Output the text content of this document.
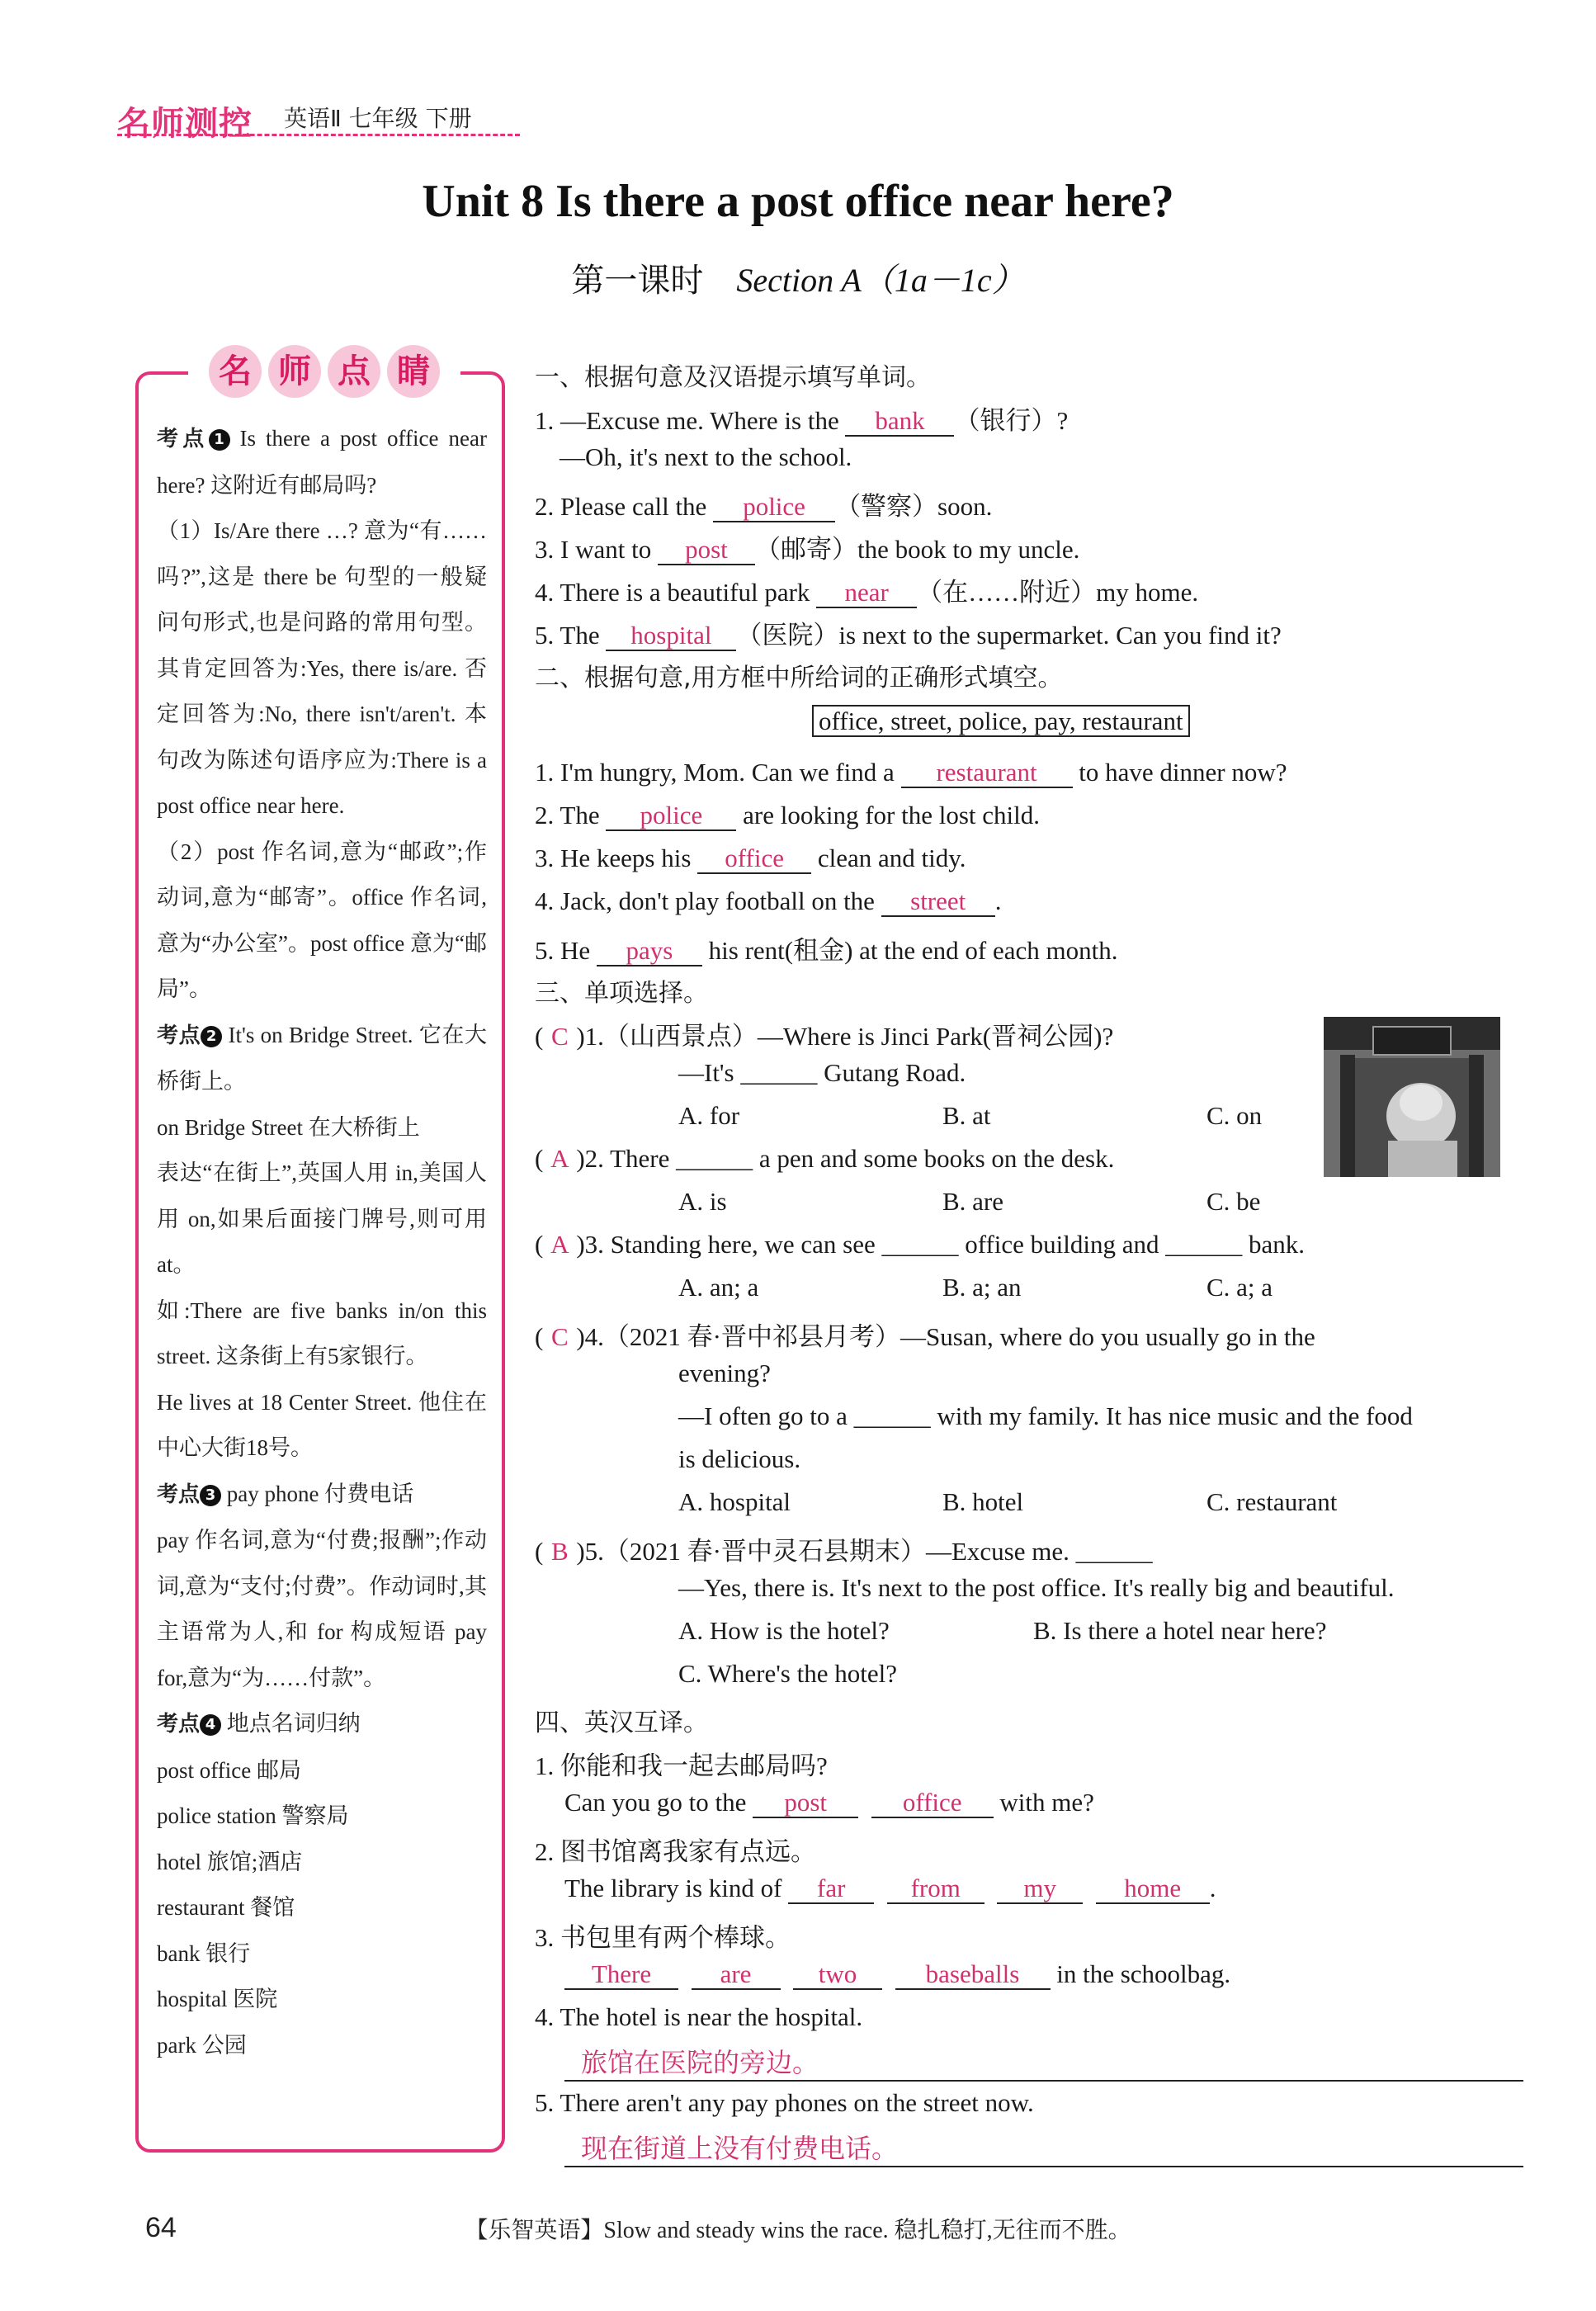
名师测控 英语Ⅱ 七年级 下册
Unit 8 Is there a post office near here?
第一课时 Section A（1a－1c）
名 师 点 睛

考点 1 Is there a post office near here? 这附近有邮局吗?

（1）Is/Are there …? 意为“有……吗?”,这是 there be 句型的一般疑问句形式,也是问路的常用句型。其肯定回答为:Yes, there is/are. 否定回答为:No, there isn't/aren't. 本句改为陈述句语序应为:There is a post office near here.

（2）post 作名词,意为“邮政”;作动词,意为“邮寄”。office 作名词,意为“办公室”。post office 意为“邮局”。

考点 2 It's on Bridge Street. 它在大桥街上。

on Bridge Street 在大桥街上

表达“在街上”,英国人用 in,美国人用 on,如果后面接门牌号,则可用 at。

如:There are five banks in/on this street. 这条街上有5家银行。

He lives at 18 Center Street. 他住在中心大街18号。

考点 3 pay phone 付费电话

pay 作名词,意为“付费;报酬”;作动词,意为“支付;付费”。作动词时,其主语常为人,和 for 构成短语 pay for,意为“为……付款”。

考点 4 地点名词归纳

post office 邮局

police station 警察局

hotel 旅馆;酒店

restaurant 餐馆

bank 银行

hospital 医院

park 公园

一、根据句意及汉语提示填写单词。
1. —Excuse me. Where is the bank （银行）?
—Oh, it's next to the school.
2. Please call the police （警察）soon.
3. I want to post （邮寄）the book to my uncle.
4. There is a beautiful park near （在……附近）my home.
5. The hospital （医院）is next to the supermarket. Can you find it?
二、根据句意,用方框中所给词的正确形式填空。
office, street, police, pay, restaurant
1. I'm hungry, Mom. Can we find a restaurant to have dinner now?
2. The police are looking for the lost child.
3. He keeps his office clean and tidy.
4. Jack, don't play football on the street .
5. He pays his rent(租金) at the end of each month.
三、单项选择。
( C )1.（山西景点）—Where is Jinci Park(晋祠公园)?
—It's ______ Gutang Road.
A. for	B. at	C. on
( A )2. There ______ a pen and some books on the desk.
A. is	B. are	C. be
( A )3. Standing here, we can see ______ office building and ______ bank.
A. an; a	B. a; an	C. a; a
( C )4.（2021 春·晋中祁县月考）—Susan, where do you usually go in the
evening?
—I often go to a ______ with my family. It has nice music and the food
is delicious.
A. hospital	B. hotel	C. restaurant
( B )5.（2021 春·晋中灵石县期末）—Excuse me. ______
—Yes, there is. It's next to the post office. It's really big and beautiful.
A. How is the hotel?	B. Is there a hotel near here?
C. Where's the hotel?
四、英汉互译。
1. 你能和我一起去邮局吗?
Can you go to the post	office with me?
2. 图书馆离我家有点远。
The library is kind of far	from my	home .
3. 书包里有两个棒球。
There	are	two	baseballs in the schoolbag.
4. The hotel is near the hospital.
旅馆在医院的旁边。
5. There aren't any pay phones on the street now.
现在街道上没有付费电话。
64	【乐智英语】Slow and steady wins the race. 稳扎稳打,无往而不胜。
